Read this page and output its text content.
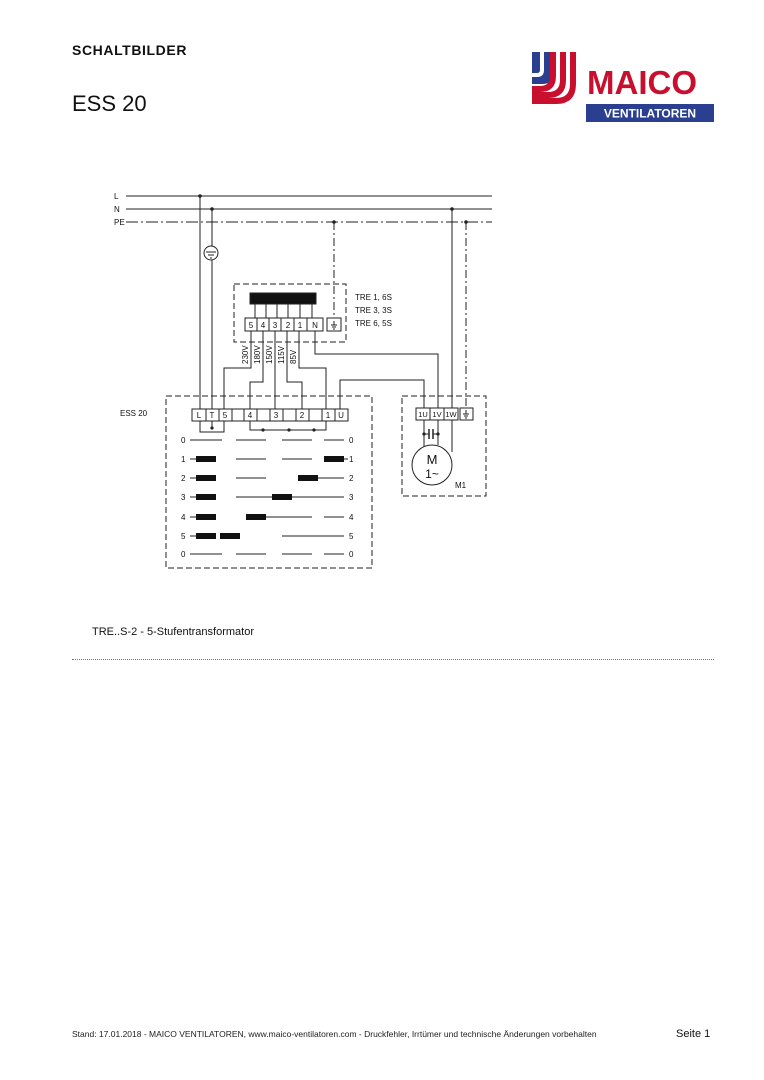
SCHALTBILDER
ESS 20
MAICO
VENTILATOREN
L
N
PE
TRE 1, 6S
TRE 3, 3S
TRE 6, 5S
5 4 3 2 1 N
230V 180V 150V 115V 85V
ESS 20	L T 5	4	3	2	1 U
0
1
2
3
4
5
0
0
1
2
3
4
5
0
1U 1V 1W
M
1~
M1
TRE..S-2 - 5-Stufentransformator
Stand: 17.01.2018 - MAICO VENTILATOREN, www.maico-ventilatoren.com - Druckfehler, Irrtümer und technische Änderungen vorbehalten	Seite 1
